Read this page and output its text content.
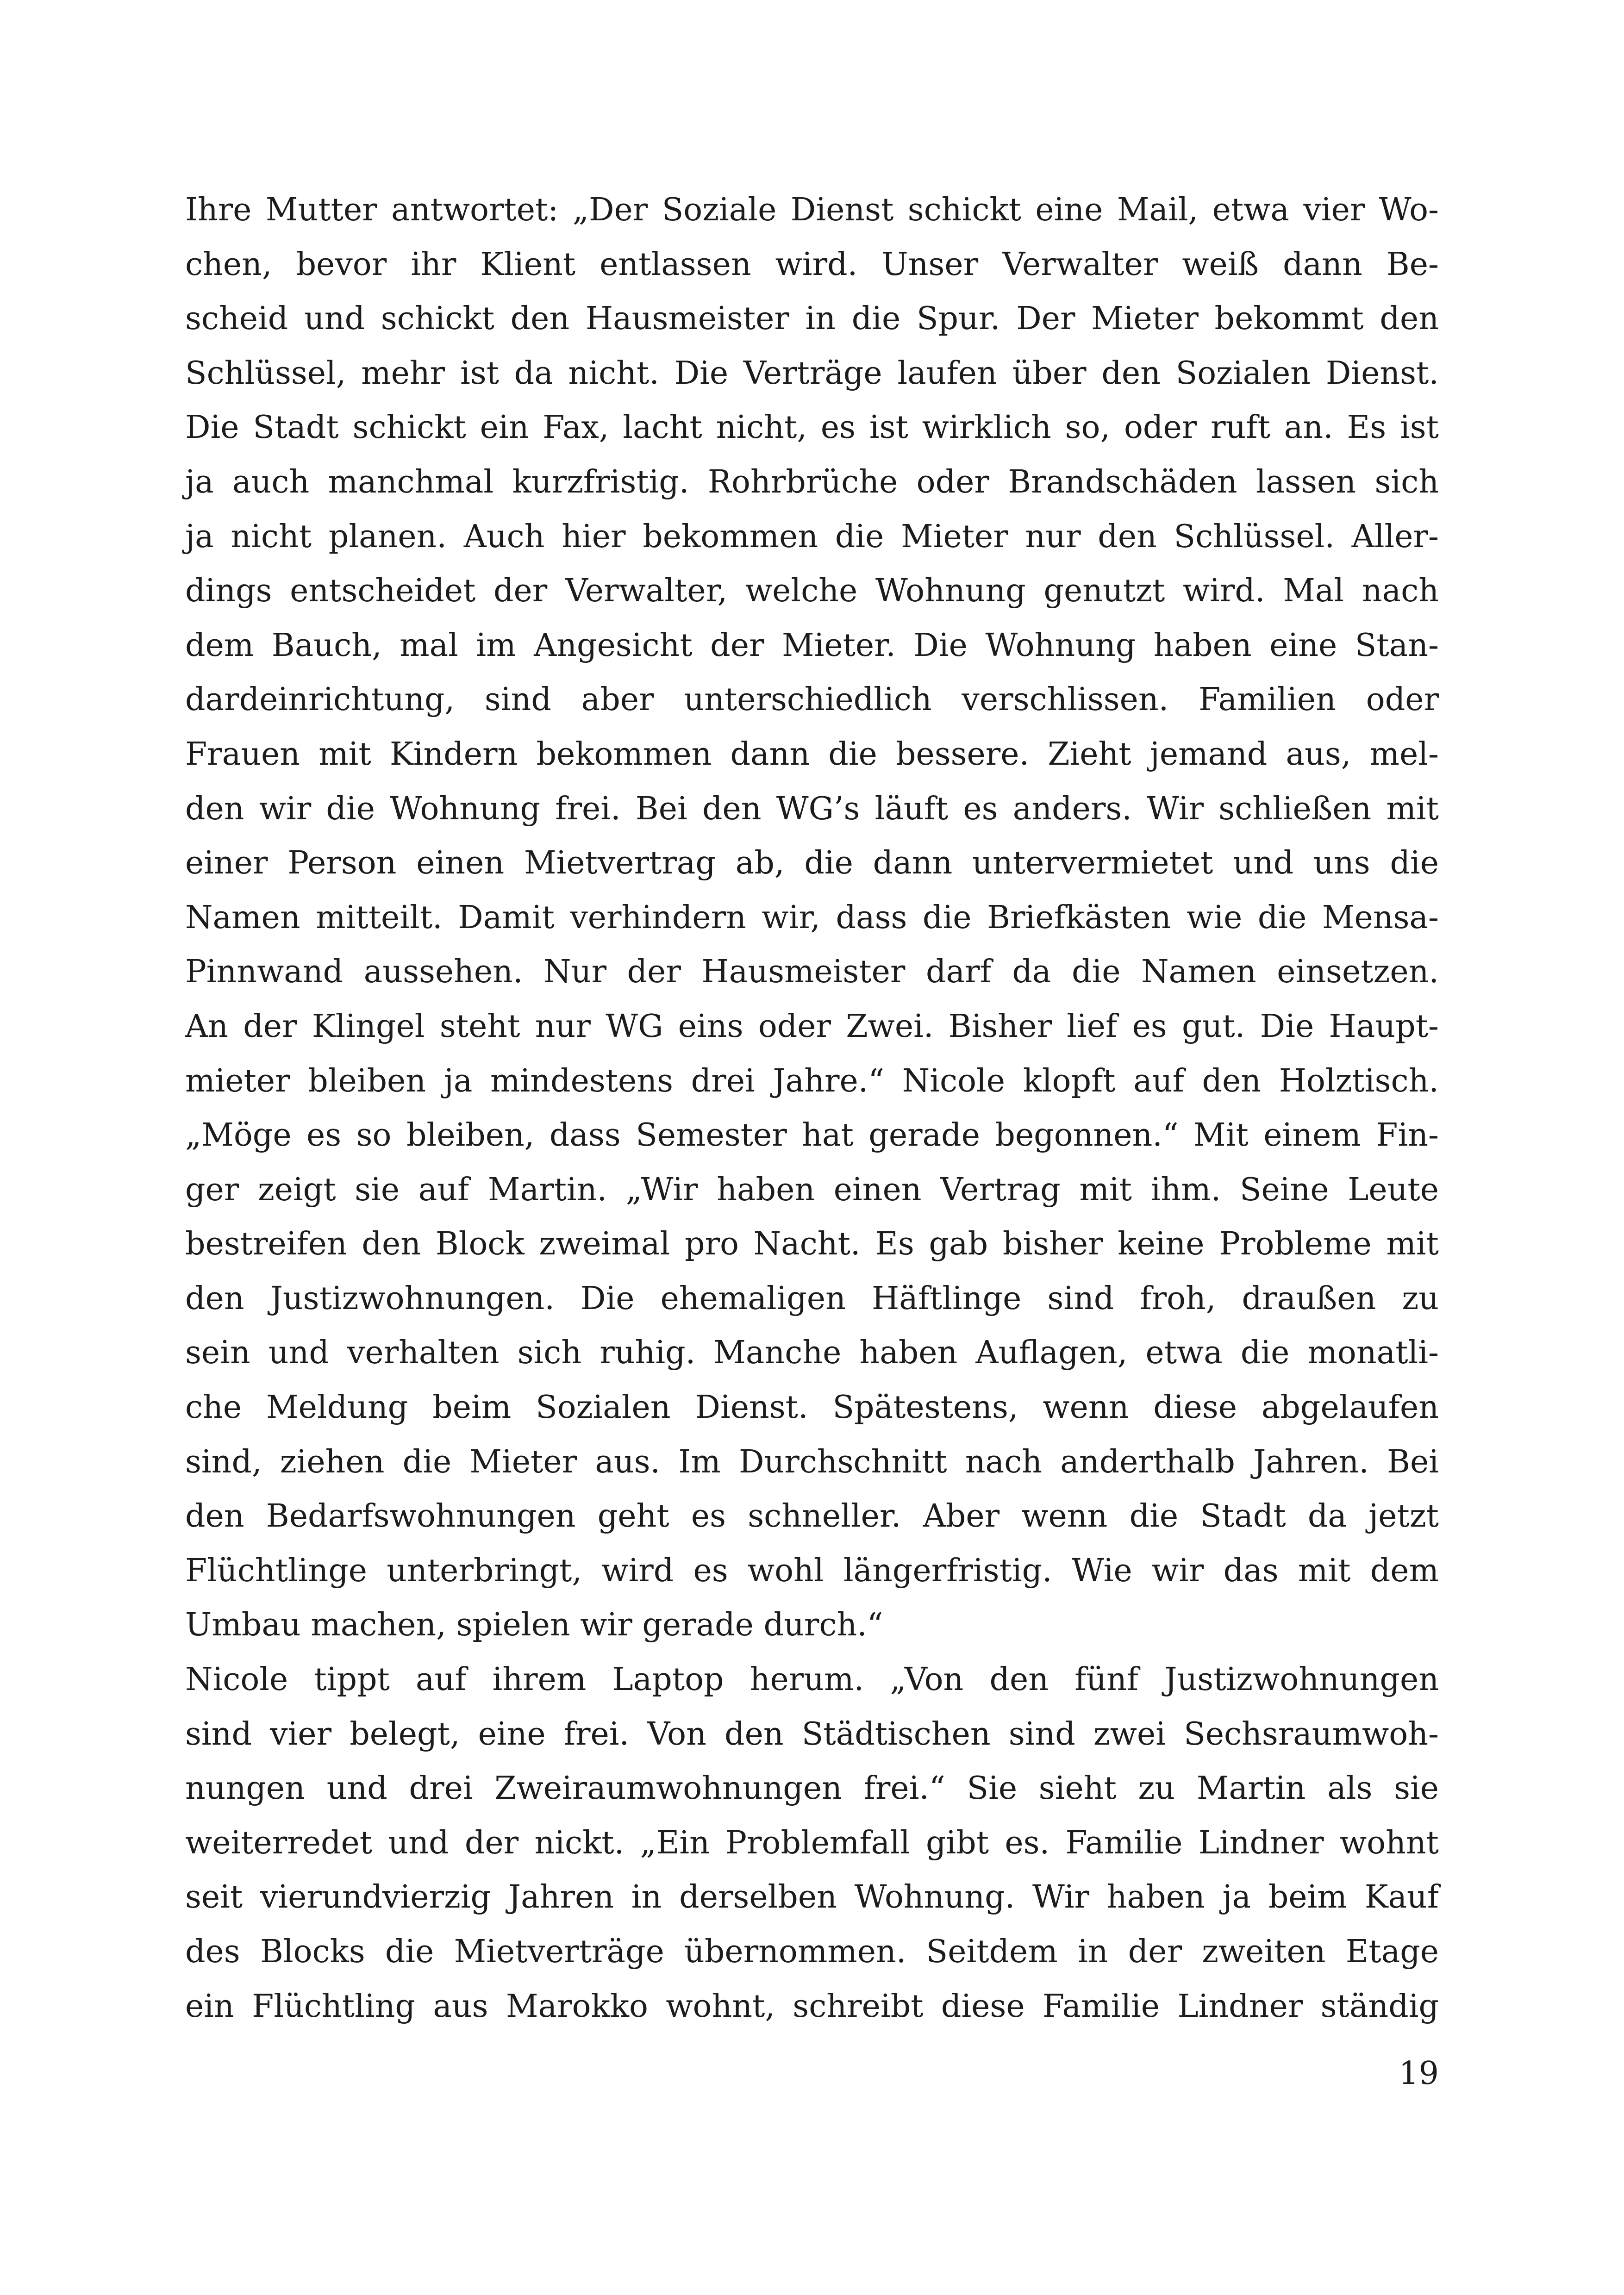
Ihre Mutter antwortet: „Der Soziale Dienst schickt eine Mail, etwa vier Wo-
chen, bevor ihr Klient entlassen wird. Unser Verwalter weiß dann Be-
scheid und schickt den Hausmeister in die Spur. Der Mieter bekommt den
Schlüssel, mehr ist da nicht. Die Verträge laufen über den Sozialen Dienst.
Die Stadt schickt ein Fax, lacht nicht, es ist wirklich so, oder ruft an. Es ist
ja auch manchmal kurzfristig. Rohrbrüche oder Brandschäden lassen sich
ja nicht planen. Auch hier bekommen die Mieter nur den Schlüssel. Aller-
dings entscheidet der Verwalter, welche Wohnung genutzt wird. Mal nach
dem Bauch, mal im Angesicht der Mieter. Die Wohnung haben eine Stan-
dardeinrichtung, sind aber unterschiedlich verschlissen. Familien oder
Frauen mit Kindern bekommen dann die bessere. Zieht jemand aus, mel-
den wir die Wohnung frei. Bei den WG’s läuft es anders. Wir schließen mit
einer Person einen Mietvertrag ab, die dann untervermietet und uns die
Namen mitteilt. Damit verhindern wir, dass die Briefkästen wie die Mensa-
Pinnwand aussehen. Nur der Hausmeister darf da die Namen einsetzen.
An der Klingel steht nur WG eins oder Zwei. Bisher lief es gut. Die Haupt-
mieter bleiben ja mindestens drei Jahre.“ Nicole klopft auf den Holztisch.
„Möge es so bleiben, dass Semester hat gerade begonnen.“ Mit einem Fin-
ger zeigt sie auf Martin. „Wir haben einen Vertrag mit ihm. Seine Leute
bestreifen den Block zweimal pro Nacht. Es gab bisher keine Probleme mit
den Justizwohnungen. Die ehemaligen Häftlinge sind froh, draußen zu
sein und verhalten sich ruhig. Manche haben Auflagen, etwa die monatli-
che Meldung beim Sozialen Dienst. Spätestens, wenn diese abgelaufen
sind, ziehen die Mieter aus. Im Durchschnitt nach anderthalb Jahren. Bei
den Bedarfswohnungen geht es schneller. Aber wenn die Stadt da jetzt
Flüchtlinge unterbringt, wird es wohl längerfristig. Wie wir das mit dem
Umbau machen, spielen wir gerade durch.“
Nicole tippt auf ihrem Laptop herum. „Von den fünf Justizwohnungen
sind vier belegt, eine frei. Von den Städtischen sind zwei Sechsraumwoh-
nungen und drei Zweiraumwohnungen frei.“ Sie sieht zu Martin als sie
weiterredet und der nickt. „Ein Problemfall gibt es. Familie Lindner wohnt
seit vierundvierzig Jahren in derselben Wohnung. Wir haben ja beim Kauf
des Blocks die Mietverträge übernommen. Seitdem in der zweiten Etage
ein Flüchtling aus Marokko wohnt, schreibt diese Familie Lindner ständig
19
